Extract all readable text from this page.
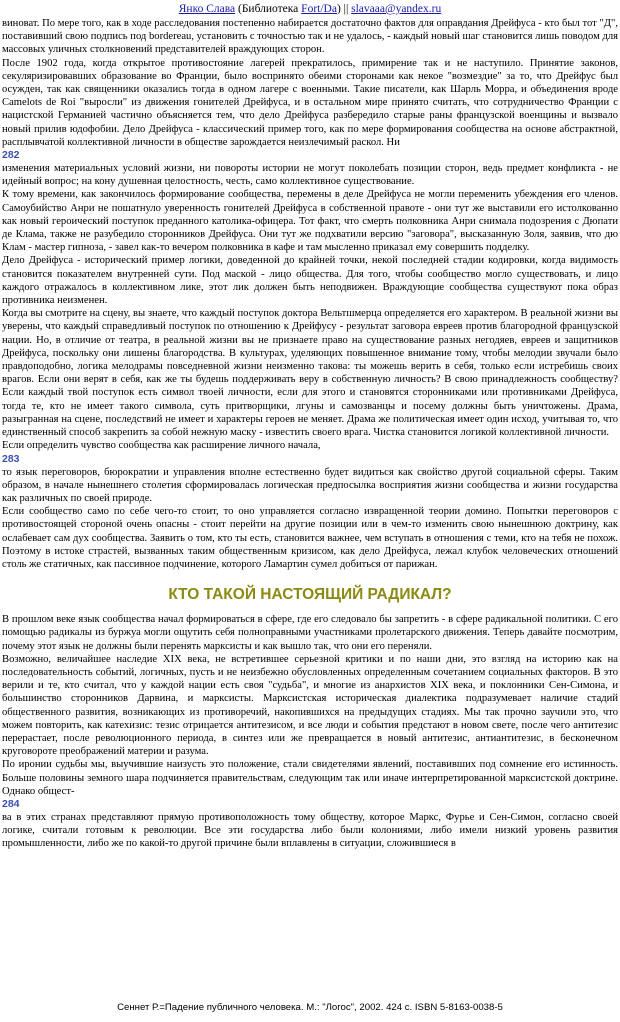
Янко Слава (Библиотека Fort/Da) || slavaaa@yandex.ru

виноват. По мере того, как в ходе расследования постепенно набирается достаточно фактов для оправдания Дрейфуса - кто был тот "Д", поставивший свою подпись под bordereau, установить с точностью так и не удалось, - каждый новый шаг становится лишь поводом для массовых уличных столкновений представителей враждующих сторон.

После 1902 года, когда открытое противостояние лагерей прекратилось, примирение так и не наступило. Принятие законов, секуляризировавших образование во Франции, было воспринято обеими сторонами как некое "возмездие" за то, что Дрейфус был осужден, так как священники оказались тогда в одном лагере с военными. Такие писатели, как Шарль Морра, и объединения вроде Camelots de Roi "выросли" из движения гонителей Дрейфуса, и в остальном мире принято считать, что сотрудничество Франции с нацистской Германией частично объясняется тем, что дело Дрейфуса разбередило старые раны французской военщины и вызвало новый прилив юдофобии. Дело Дрейфуса - классический пример того, как по мере формирования сообщества на основе абстрактной, расплывчатой коллективной личности в обществе зарождается неизлечимый раскол. Ни

282

изменения материальных условий жизни, ни повороты истории не могут поколебать позиции сторон, ведь предмет конфликта - не идейный вопрос; на кону душевная целостность, честь, само коллективное существование.

К тому времени, как закончилось формирование сообщества, перемены в деле Дрейфуса не могли переменить убеждения его членов. Самоубийство Анри не пошатнуло уверенность гонителей Дрейфуса в собственной правоте - они тут же выставили его истолкованно как новый героический поступок преданного католика-офицера. Тот факт, что смерть полковника Анри снимала подозрения с Дюпати де Клама, также не разубедило сторонников Дрейфуса. Они тут же подхватили версию "заговора", высказанную Золя, заявив, что дю Клам - мастер гипноза, - завел как-то вечером полковника в кафе и там мысленно приказал ему совершить подделку.

Дело Дрейфуса - исторический пример логики, доведенной до крайней точки, некой последней стадии кодировки, когда видимость становится показателем внутренней сути. Под маской - лицо общества. Для того, чтобы сообщество могло существовать, и лицо каждого отражалось в коллективном лике, этот лик должен быть неподвижен. Враждующие сообщества существуют пока образ противника неизменен.

Когда вы смотрите на сцену, вы знаете, что каждый поступок доктора Вельтшмерца определяется его характером. В реальной жизни вы уверены, что каждый справедливый поступок по отношению к Дрейфусу - результат заговора евреев против благородной французской нации. Но, в отличие от театра, в реальной жизни вы не признаете право на существование разных негодяев, евреев и защитников Дрейфуса, поскольку они лишены благородства. В культурах, уделяющих повышенное внимание тому, чтобы мелодии звучали было правдоподобно, логика мелодрамы повседневной жизни неизменно такова: ты можешь верить в себя, только если истребишь своих врагов. Если они верят в себя, как же ты будешь поддерживать веру в собственную личность? В свою принадлежность сообществу? Если каждый твой поступок есть символ твоей личности, если для этого и становятся сторонниками или противниками Дрейфуса, тогда те, кто не имеет такого символа, суть притворщики, лгуны и самозванцы и посему должны быть уничтожены. Драма, разыгранная на сцене, последствий не имеет и характеры героев не меняет. Драма же политическая имеет один исход, учитывая то, что единственный способ закрепить за собой нежную маску - известить своего врага. Чистка становится логикой коллективной личности.

Если определить чувство сообщества как расширение личного начала,

283

то язык переговоров, бюрократии и управления вполне естественно будет видиться как свойство другой социальной сферы. Таким образом, в начале нынешнего столетия сформировалась логическая предпосылка восприятия жизни сообщества и жизни государства как различных по своей природе.

Если сообщество само по себе чего-то стоит, то оно управляется согласно извращенной теории домино. Попытки переговоров с противостоящей стороной очень опасны - стоит перейти на другие позиции или в чем-то изменить свою нынешнюю доктрину, как ослабевает сам дух сообщества. Заявить о том, кто ты есть, становится важнее, чем вступать в отношения с теми, кто на тебя не похож. Поэтому в истоке страстей, вызванных таким общественным кризисом, как дело Дрейфуса, лежал клубок человеческих отношений столь же статичных, как пассивное подчинение, которого Ламартин сумел добиться от парижан.

КТО ТАКОЙ НАСТОЯЩИЙ РАДИКАЛ?

В прошлом веке язык сообщества начал формироваться в сфере, где его следовало бы запретить - в сфере радикальной политики. С его помощью радикалы из буржуа могли ощутить себя полноправными участниками пролетарского движения. Теперь давайте посмотрим, почему этот язык не должны были перенять марксисты и как вышло так, что они его переняли.

Возможно, величайшее наследие XIX века, не встретившее серьезной критики и по наши дни, это взгляд на историю как на последовательность событий, логичных, пусть и не неизбежно обусловленных определенным сочетанием социальных факторов. В это верили и те, кто считал, что у каждой нации есть своя "судьба", и многие из анархистов XIX века, и поклонники Сен-Симона, и большинство сторонников Дарвина, и марксисты. Марксистская историческая диалектика подразумевает наличие стадий общественного развития, возникающих из противоречий, накопившихся на предыдущих стадиях. Мы так прочно заучили это, что можем повторить, как катехизис: тезис отрицается антитезисом, и все люди и события предстают в новом свете, после чего антитезис перерастает, после революционного периода, в синтез или же превращается в новый антитезис, антиантитезис, в бесконечном круговороте преображений материи и разума.

По иронии судьбы мы, выучившие наизусть это положение, стали свидетелями явлений, поставивших под сомнение его истинность. Больше половины земного шара подчиняется правительствам, следующим так или иначе интерпретированной марксистской доктрине. Однако общест-

284

ва в этих странах представляют прямую противоположность тому обществу, которое Маркс, Фурье и Сен-Симон, согласно своей логике, считали готовым к революции. Все эти государства либо были колониями, либо имели низкий уровень развития промышленности, либо же по какой-то другой причине были вплавлены в ситуации, сложившиеся в

Сеннет Р.=Падение публичного человека. М.: "Логос", 2002. 424 с. ISBN 5-8163-0038-5
